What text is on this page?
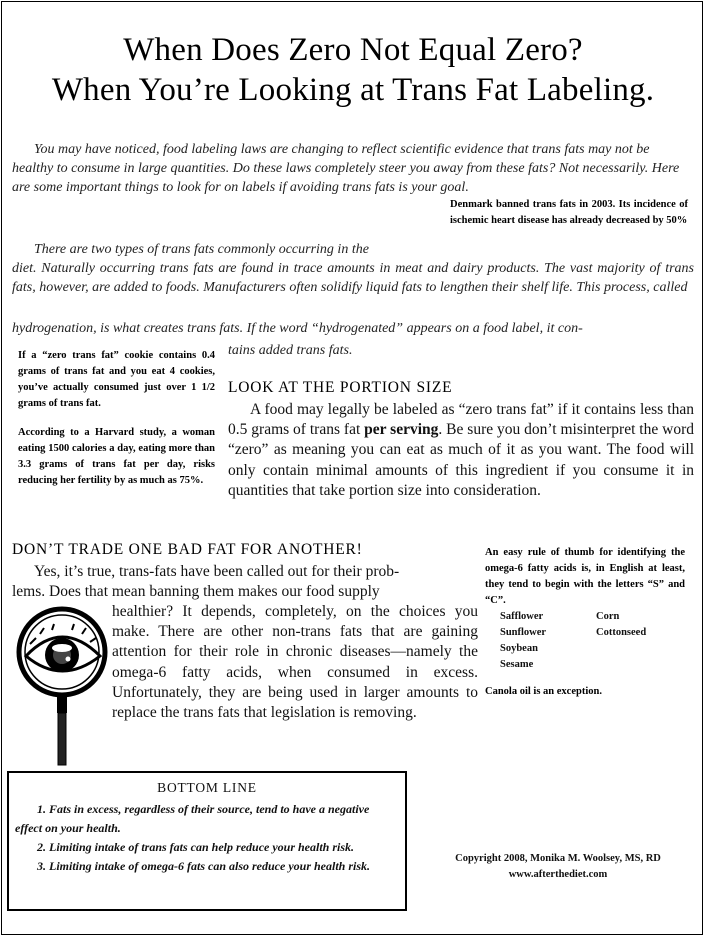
When Does Zero Not Equal Zero?
When You’re Looking at Trans Fat Labeling.
You may have noticed, food labeling laws are changing to reflect scientific evidence that trans fats may not be healthy to consume in large quantities. Do these laws completely steer you away from these fats? Not necessarily. Here are some important things to look for on labels if avoiding trans fats is your goal.
Denmark banned trans fats in 2003. Its incidence of ischemic heart disease has already decreased by 50%
There are two types of trans fats commonly occurring in the
diet. Naturally occurring trans fats are found in trace amounts in meat and dairy products. The vast majority of trans fats, however, are added to foods. Manufacturers often solidify liquid fats to lengthen their shelf life. This process, called
hydrogenation, is what creates trans fats. If the word “hydrogenated” appears on a food label, it con-
tains added trans fats.
If a “zero trans fat” cookie contains 0.4 grams of trans fat and you eat 4 cookies, you’ve actually consumed just over 1 1/2 grams of trans fat.
According to a Harvard study, a woman eating 1500 calories a day, eating more than 3.3 grams of trans fat per day, risks reducing her fertility by as much as 75%.
LOOK AT THE PORTION SIZE
A food may legally be labeled as “zero trans fat” if it contains less than 0.5 grams of trans fat per serving. Be sure you don’t misinterpret the word “zero” as meaning you can eat as much of it as you want. The food will only contain minimal amounts of this ingredient if you consume it in quantities that take portion size into consideration.
DON’T TRADE ONE BAD FAT FOR ANOTHER!
Yes, it’s true, trans-fats have been called out for their prob-
lems. Does that mean banning them makes our food supply
healthier? It depends, completely, on the choices you make. There are other non-trans fats that are gaining attention for their role in chronic diseases—namely the omega-6 fatty acids, when consumed in excess. Unfortunately, they are being used in larger amounts to replace the trans fats that legislation is removing.
An easy rule of thumb for identifying the omega-6 fatty acids is, in English at least, they tend to begin with the letters “S” and “C”.
Safflower	Corn
Sunflower	Cottonseed
Soybean
Sesame
Canola oil is an exception.
BOTTOM LINE
1. Fats in excess, regardless of their source, tend to have a negative effect on your health.
2. Limiting intake of trans fats can help reduce your health risk.
3. Limiting intake of omega-6 fats can also reduce your health risk.
Copyright 2008, Monika M. Woolsey, MS, RD
www.afterthediet.com
